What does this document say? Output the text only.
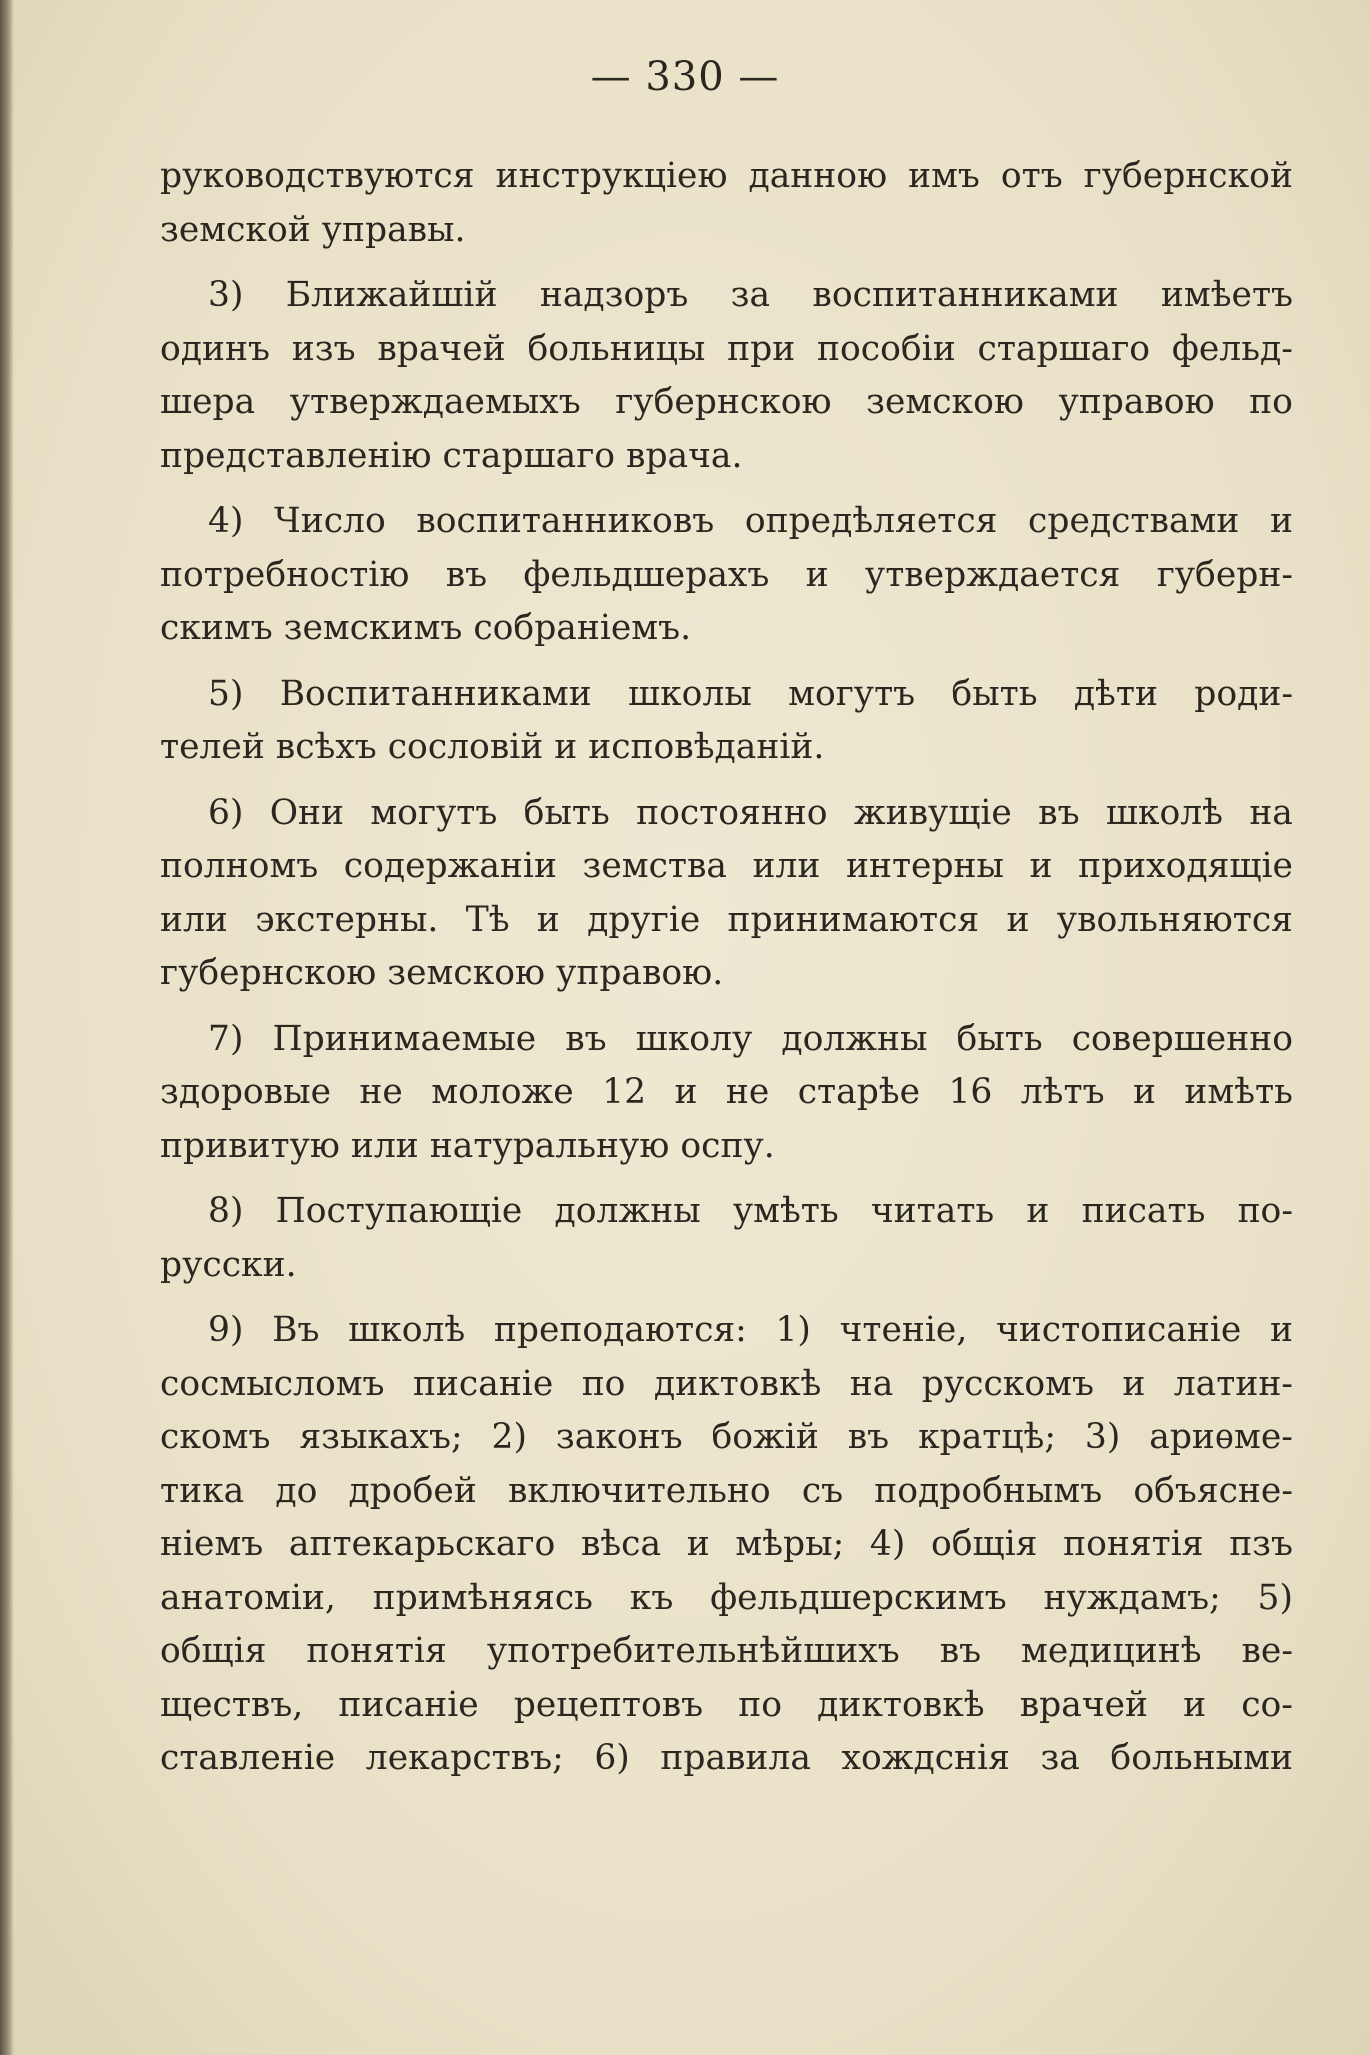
— 330 —
руководствуются инструкціею данною имъ отъ губернской
земской управы.
3) Ближайшій надзоръ за воспитанниками имѣетъ
одинъ изъ врачей больницы при пособіи старшаго фельд-
шера утверждаемыхъ губернскою земскою управою по
представленію старшаго врача.
4) Число воспитанниковъ опредѣляется средствами и
потребностію въ фельдшерахъ и утверждается губерн-
скимъ земскимъ собраніемъ.
5) Воспитанниками школы могутъ быть дѣти роди-
телей всѣхъ сословій и исповѣданій.
6) Они могутъ быть постоянно живущіе въ школѣ на
полномъ содержаніи земства или интерны и приходящіе
или экстерны. Тѣ и другіе принимаются и увольняются
губернскою земскою управою.
7) Принимаемые въ школу должны быть совершенно
здоровые не моложе 12 и не старѣе 16 лѣтъ и имѣть
привитую или натуральную оспу.
8) Поступающіе должны умѣть читать и писать по-
русски.
9) Въ школѣ преподаются: 1) чтеніе, чистописаніе и
сосмысломъ писаніе по диктовкѣ на русскомъ и латин-
скомъ языкахъ; 2) законъ божій въ кратцѣ; 3) ариѳме-
тика до дробей включительно съ подробнымъ объясне-
ніемъ аптекарьскаго вѣса и мѣры; 4) общія понятія пзъ
анатоміи, примѣняясь къ фельдшерскимъ нуждамъ; 5)
общія понятія употребительнѣйшихъ въ медицинѣ ве-
ществъ, писаніе рецептовъ по диктовкѣ врачей и со-
ставленіе лекарствъ; 6) правила хождснія за больными
